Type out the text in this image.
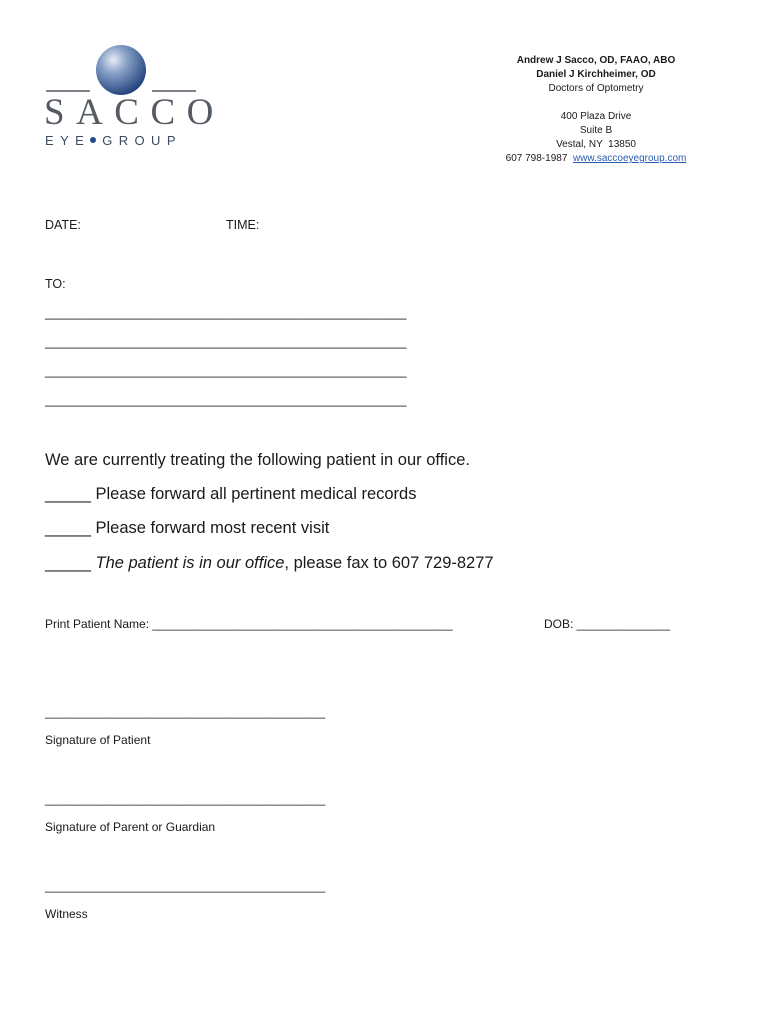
SACCO
EYE GROUP
Andrew J Sacco, OD, FAAO, ABO
Daniel J Kirchheimer, OD
Doctors of Optometry
400 Plaza Drive
Suite B
Vestal, NY  13850
607 798-1987 www.saccoeyegroup.com
DATE:	TIME:
TO:
____________________________________________________
____________________________________________________
____________________________________________________
____________________________________________________
We are currently treating the following patient in our office.
_____ Please forward all pertinent medical records
_____ Please forward most recent visit
_____ The patient is in our office, please fax to 607 729-8277
Print Patient Name: _____________________________________________	DOB: ______________
__________________________________________
Signature of Patient
__________________________________________
Signature of Parent or Guardian
__________________________________________
Witness
